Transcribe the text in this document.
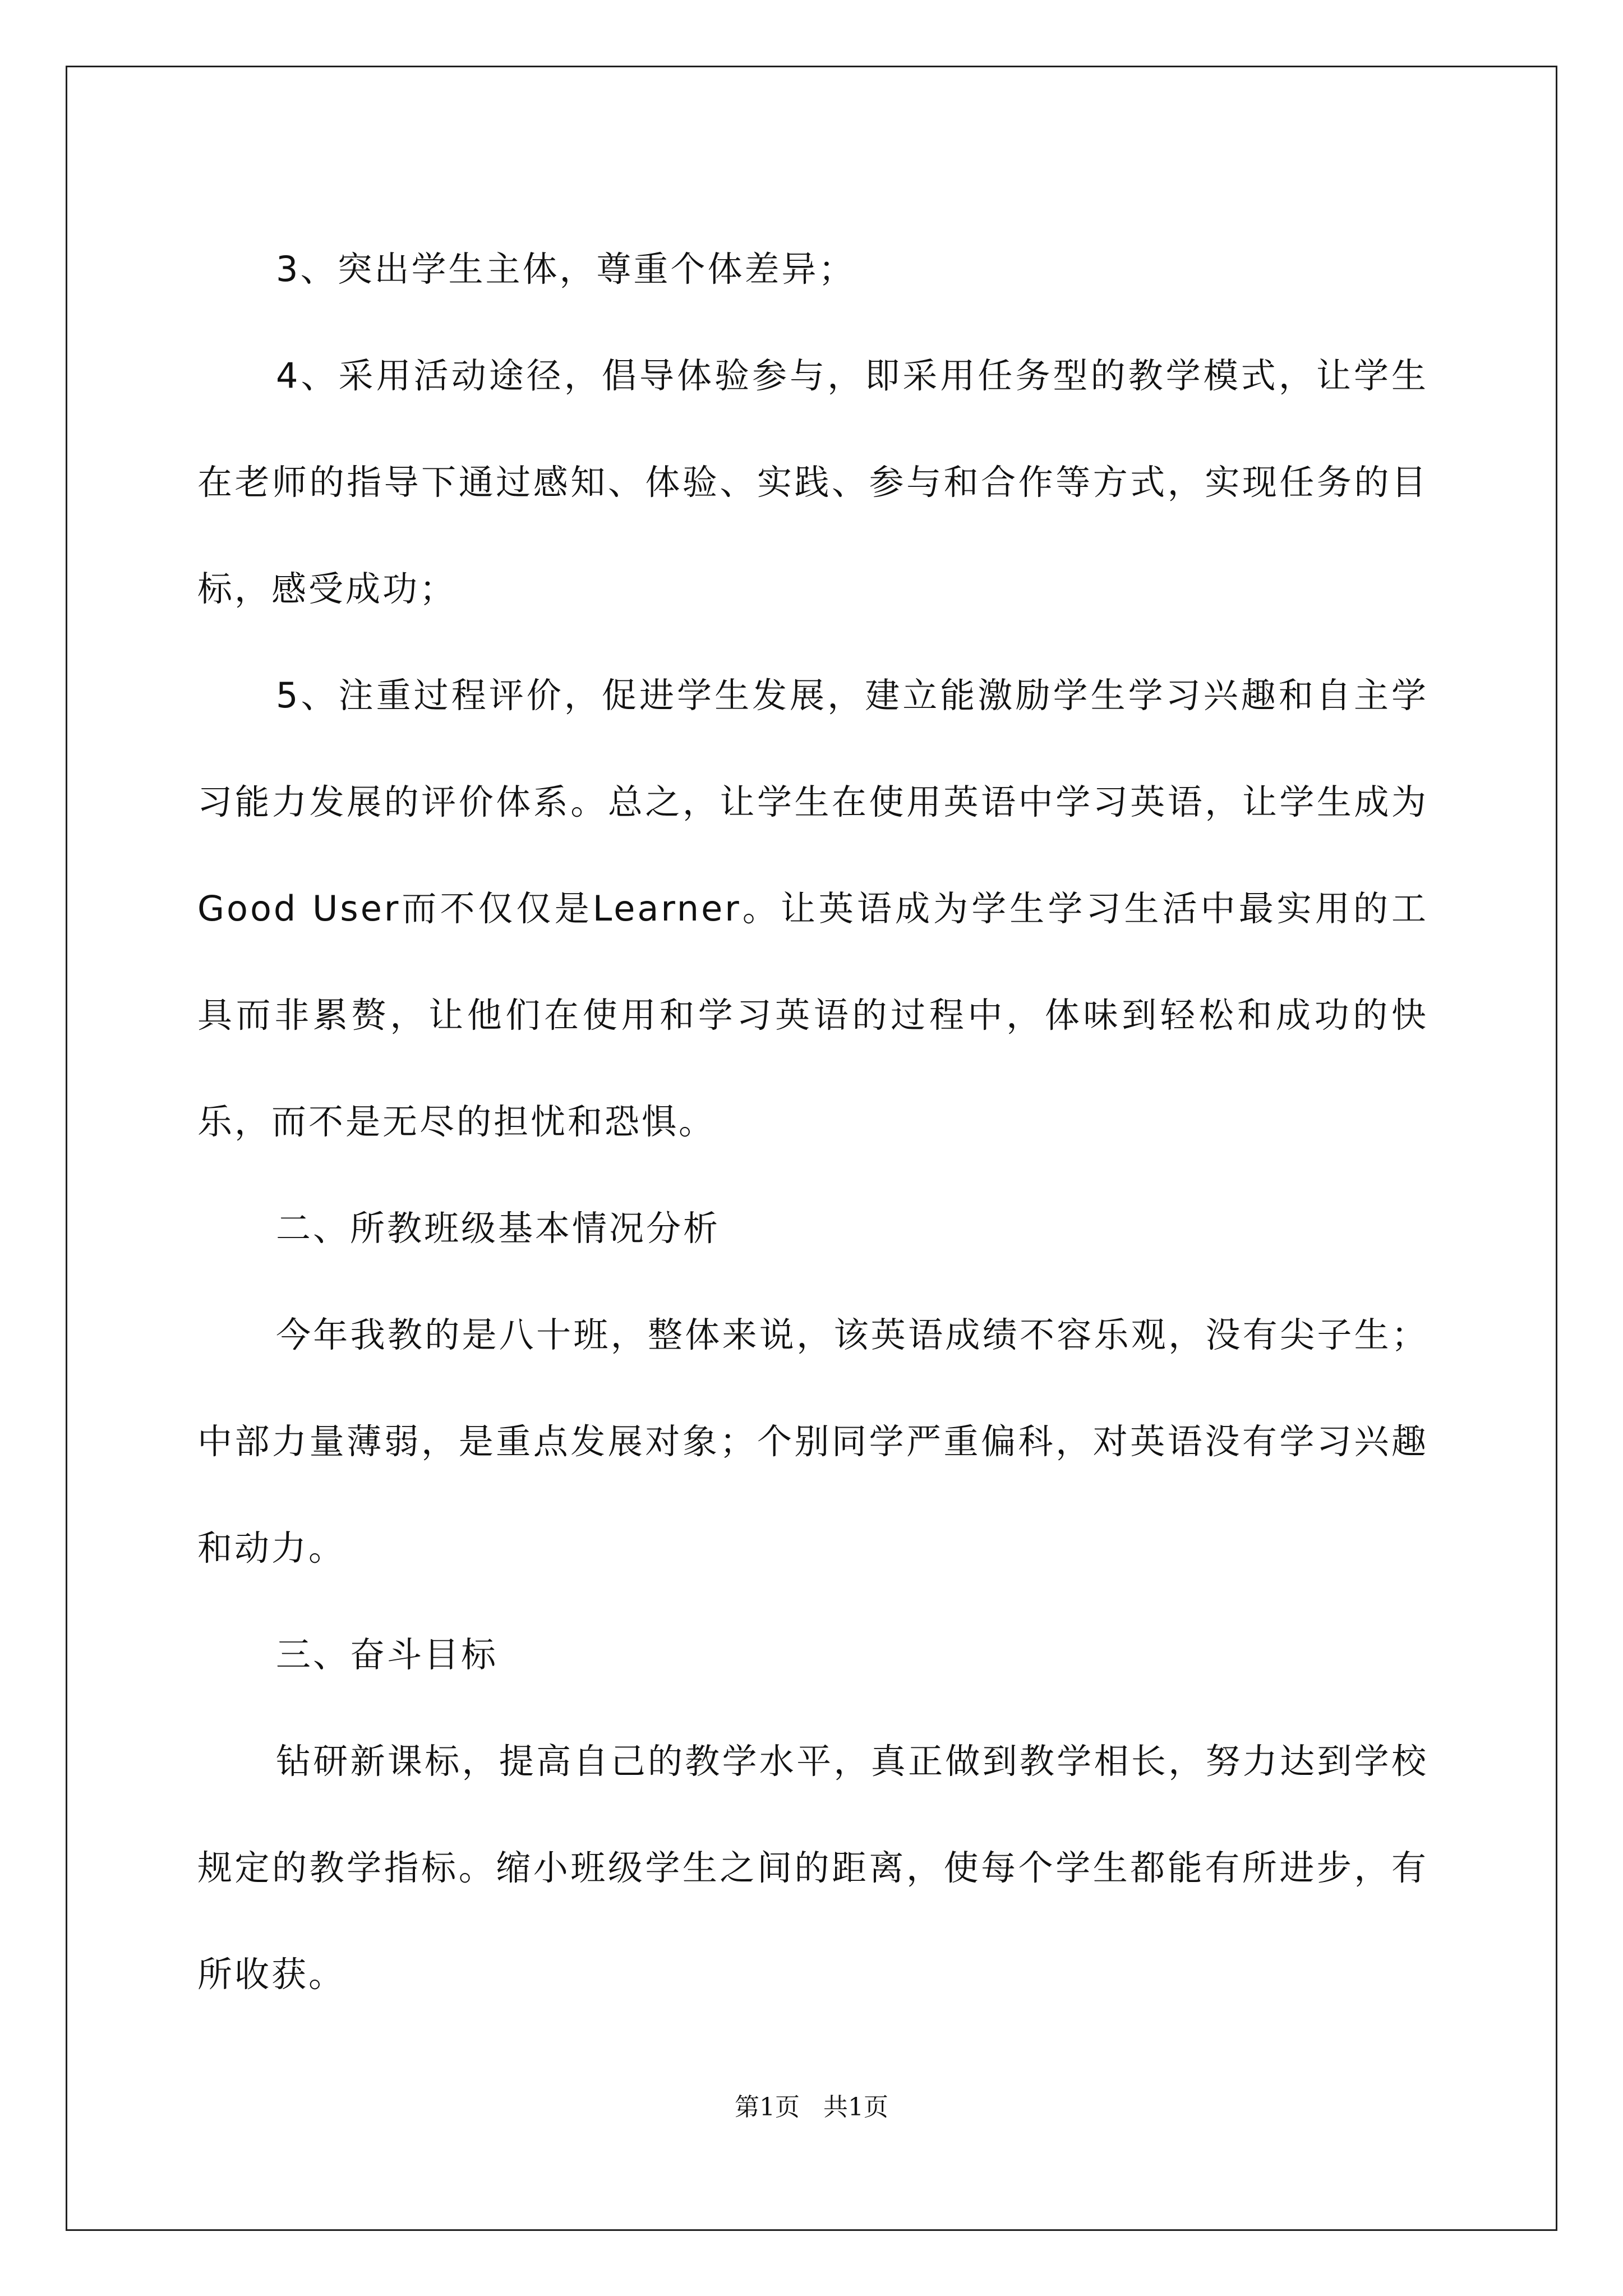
3、突出学生主体，尊重个体差异；

4、采用活动途径，倡导体验参与，即采用任务型的教学模式，让学生在老师的指导下通过感知、体验、实践、参与和合作等方式，实现任务的目标，感受成功；

5、注重过程评价，促进学生发展，建立能激励学生学习兴趣和自主学习能力发展的评价体系。总之，让学生在使用英语中学习英语，让学生成为Good User而不仅仅是Learner。让英语成为学生学习生活中最实用的工具而非累赘，让他们在使用和学习英语的过程中，体味到轻松和成功的快乐，而不是无尽的担忧和恐惧。

二、所教班级基本情况分析

今年我教的是八十班，整体来说，该英语成绩不容乐观，没有尖子生；中部力量薄弱，是重点发展对象；个别同学严重偏科，对英语没有学习兴趣和动力。

三、奋斗目标

钻研新课标，提高自己的教学水平，真正做到教学相长，努力达到学校规定的教学指标。缩小班级学生之间的距离，使每个学生都能有所进步，有所收获。

第1页 共1页
